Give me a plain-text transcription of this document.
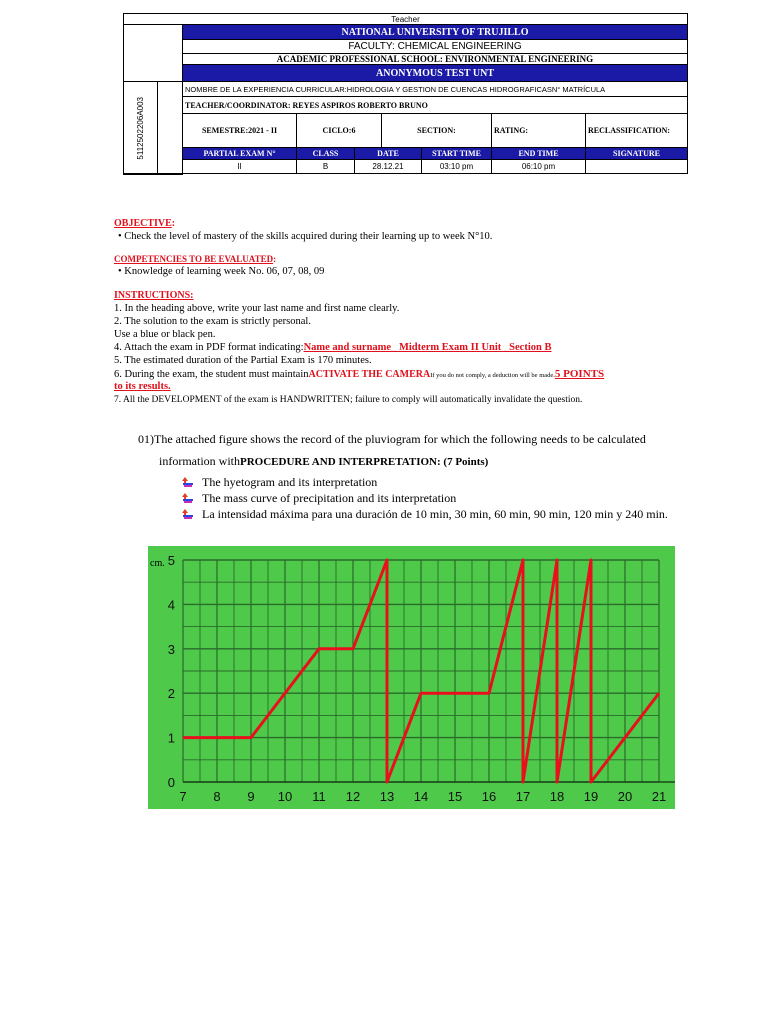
Teacher
NATIONAL UNIVERSITY OF TRUJILLO
FACULTY: CHEMICAL ENGINEERING
ACADEMIC PROFESSIONAL SCHOOL: ENVIRONMENTAL ENGINEERING
ANONYMOUS TEST UNT
5112502206A003
NOMBRE DE LA EXPERIENCIA CURRICULAR:HIDROLOGIA Y GESTION DE CUENCAS HIDROGRAFICASN° MATRÍCULA
TEACHER/COORDINATOR: REYES ASPIROS ROBERTO BRUNO
SEMESTRE:2021 - II	CICLO:6	SECTION:	RATING:	RECLASSIFICATION:
PARTIAL EXAM N°	CLASS	DATE	START TIME	END TIME	SIGNATURE
II	B	28.12.21	03:10 pm	06:10 pm
OBJECTIVE:
• Check the level of mastery of the skills acquired during their learning up to week N°10.
COMPETENCIES TO BE EVALUATED:
• Knowledge of learning week No. 06, 07, 08, 09
INSTRUCTIONS:
1. In the heading above, write your last name and first name clearly.
2. The solution to the exam is strictly personal.
Use a blue or black pen.
4. Attach the exam in PDF format indicating:Name and surname_ Midterm Exam II Unit _Section B
5. The estimated duration of the Partial Exam is 170 minutes.
6. During the exam, the student must maintainACTIVATE THE CAMERAIf you do not comply, a deduction will be made.5 POINTS
to its results.
7. All the DEVELOPMENT of the exam is HANDWRITTEN; failure to comply will automatically invalidate the question.
01)The attached figure shows the record of the pluviogram for which the following needs to be calculated
information withPROCEDURE AND INTERPRETATION: (7 Points)
The hyetogram and its interpretation
The mass curve of precipitation and its interpretation
La intensidad máxima para una duración de 10 min, 30 min, 60 min, 90 min, 120 min y 240 min.
7 8 9 10 11 12 13 14 15 16 17 18 19 20 21
0
1
2
3
4
5
cm.
